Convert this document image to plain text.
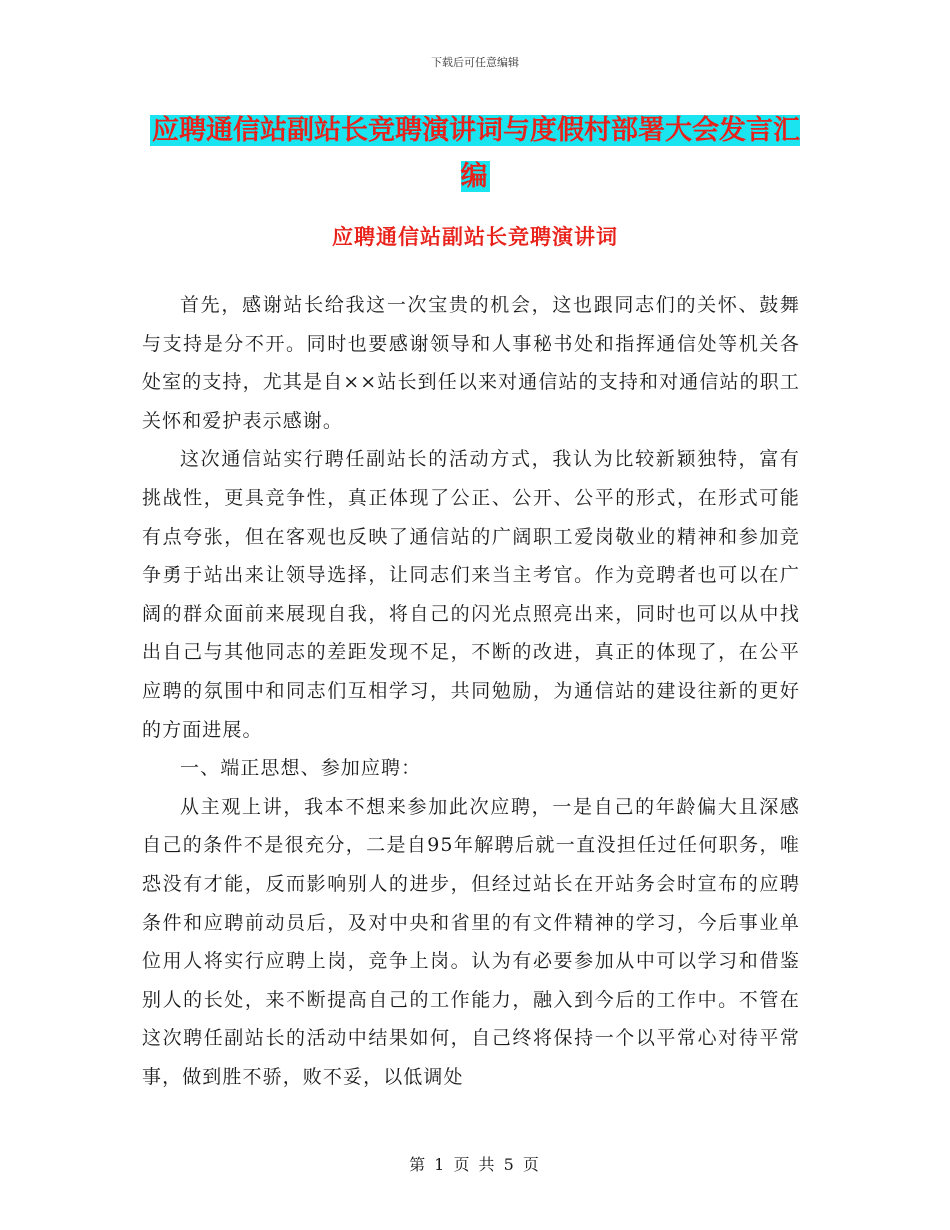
下载后可任意编辑
应聘通信站副站长竞聘演讲词与度假村部署大会发言汇编
应聘通信站副站长竞聘演讲词

首先，感谢站长给我这一次宝贵的机会，这也跟同志们的关怀、鼓舞与支持是分不开。同时也要感谢领导和人事秘书处和指挥通信处等机关各处室的支持，尤其是自××站长到任以来对通信站的支持和对通信站的职工关怀和爱护表示感谢。

这次通信站实行聘任副站长的活动方式，我认为比较新颖独特，富有挑战性，更具竞争性，真正体现了公正、公开、公平的形式，在形式可能有点夸张，但在客观也反映了通信站的广阔职工爱岗敬业的精神和参加竞争勇于站出来让领导选择，让同志们来当主考官。作为竞聘者也可以在广阔的群众面前来展现自我，将自己的闪光点照亮出来，同时也可以从中找出自己与其他同志的差距发现不足，不断的改进，真正的体现了，在公平应聘的氛围中和同志们互相学习，共同勉励，为通信站的建设往新的更好的方面进展。

一、端正思想、参加应聘：

从主观上讲，我本不想来参加此次应聘，一是自己的年龄偏大且深感自己的条件不是很充分，二是自95年解聘后就一直没担任过任何职务，唯恐没有才能，反而影响别人的进步，但经过站长在开站务会时宣布的应聘条件和应聘前动员后，及对中央和省里的有文件精神的学习，今后事业单位用人将实行应聘上岗，竞争上岗。认为有必要参加从中可以学习和借鉴别人的长处，来不断提高自己的工作能力，融入到今后的工作中。不管在这次聘任副站长的活动中结果如何，自己终将保持一个以平常心对待平常事，做到胜不骄，败不妥，以低调处

第 1 页 共 5 页
